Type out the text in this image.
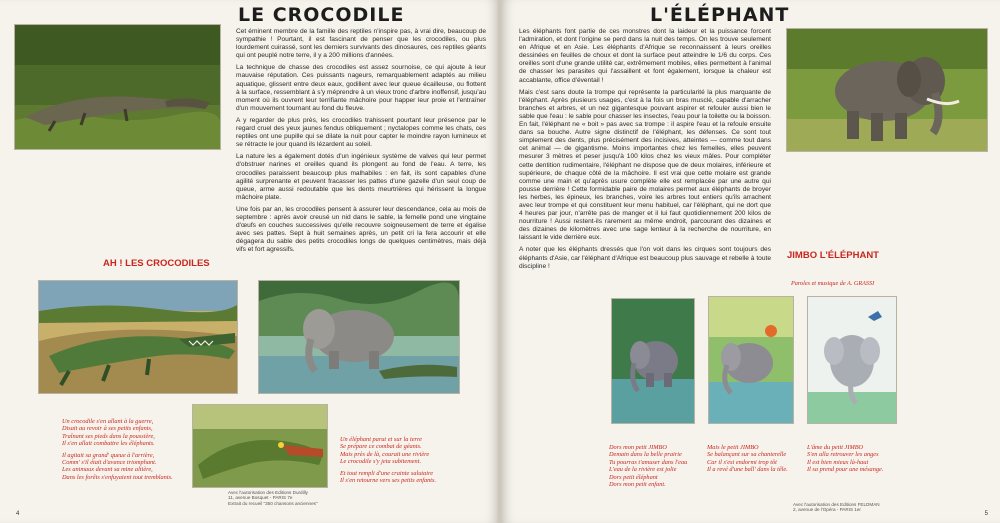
LE CROCODILE

Cet éminent membre de la famille des reptiles n'inspire pas, à vrai dire, beaucoup de sympathie ! Pourtant, il est fascinant de penser que les crocodiles, ou plus lourdement cuirassé, sont les derniers survivants des dinosaures, ces reptiles géants qui ont peuplé notre terre, il y a 200 millions d'années.

La technique de chasse des crocodiles est assez sournoise, ce qui ajoute à leur mauvaise réputation. Ces puissants nageurs, remarquablement adaptés au milieu aquatique, glissent entre deux eaux, godillent avec leur queue écailleuse, ou flottent à la surface, ressemblant à s'y méprendre à un vieux tronc d'arbre inoffensif, jusqu'au moment où ils ouvrent leur terrifiante mâchoire pour happer leur proie et l'entraîner d'un mouvement tournant au fond du fleuve.

A y regarder de plus près, les crocodiles trahissent pourtant leur présence par le regard cruel des yeux jaunes fendus obliquement ; nyctalopes comme les chats, ces reptiles ont une pupille qui se dilate la nuit pour capter le moindre rayon lumineux et se rétracte le jour quand ils lézardent au soleil.

La nature les a également dotés d'un ingénieux système de valves qui leur permet d'obstruer narines et oreilles quand ils plongent au fond de l'eau. A terre, les crocodiles paraissent beaucoup plus malhabiles : en fait, ils sont capables d'une agilité surprenante et peuvent fracasser les pattes d'une gazelle d'un seul coup de queue, arme aussi redoutable que les dents meurtrières qui hérissent la longue mâchoire plate.

Une fois par an, les crocodiles pensent à assurer leur descendance, cela au mois de septembre : après avoir creusé un nid dans le sable, la femelle pond une vingtaine d'œufs en couches successives qu'elle recouvre soigneusement de terre et égalise avec ses pattes. Sept à huit semaines après, un petit cri la fera accourir et elle dégagera du sable des petits crocodiles longs de quelques centimètres, mais déjà vifs et fort agressifs.

AH ! LES CROCODILES
Un crocodile s'en allant à la guerre,
Disait au revoir à ses petits enfants,
Traînant ses pieds dans la poussière,
Il s'en allait combattre les éléphants.
Il agitait sa grand' queue à l'arrière,
Comm' s'il était d'avance triomphant.
Les animaux devant sa mine altière,
Dans les forêts s'enfuyaient tout tremblants.
Un éléphant parut et sur la terre
Se prépare ce combat de géants.
Mais près de là, courait une rivière
Le crocodile s'y jeta subitement.
Et tout rempli d'une crainte salutaire
Il s'en retourne vers ses petits enfants.
Avec l'autorisation des Editions Durdilly
11, avenue Bosquet - PARIS 7e
Extrait du recueil "350 chansons anciennes"
4
L'ÉLÉPHANT

Les éléphants font partie de ces monstres dont la laideur et la puissance forcent l'admiration, et dont l'origine se perd dans la nuit des temps. On les trouve seulement en Afrique et en Asie. Les éléphants d'Afrique se reconnaissent à leurs oreilles dessinées en feuilles de choux et dont la surface peut atteindre le 1/6 du corps. Ces oreilles sont d'une grande utilité car, extrêmement mobiles, elles permettent à l'animal de chasser les parasites qui l'assaillent et font également, lorsque la chaleur est accablante, office d'éventail !

Mais c'est sans doute la trompe qui représente la particularité la plus marquante de l'éléphant. Après plusieurs usages, c'est à la fois un bras musclé, capable d'arracher branches et arbres, et un nez gigantesque pouvant aspirer et refouler aussi bien le sable que l'eau : le sable pour chasser les insectes, l'eau pour la toilette ou la boisson. En fait, l'éléphant ne « boit » pas avec sa trompe : il aspire l'eau et la refoule ensuite dans sa bouche. Autre signe distinctif de l'éléphant, les défenses. Ce sont tout simplement des dents, plus précisément des incisives, atteintes — comme tout dans cet animal — de gigantisme. Moins importantes chez les femelles, elles peuvent mesurer 3 mètres et peser jusqu'à 100 kilos chez les vieux mâles. Pour compléter cette dentition rudimentaire, l'éléphant ne dispose que de deux molaires, inférieure et supérieure, de chaque côté de la mâchoire. Il est vrai que cette molaire est grande comme une main et qu'après usure complète elle est remplacée par une autre qui pousse derrière ! Cette formidable paire de molaires permet aux éléphants de broyer les herbes, les épineux, les branches, voire les arbres tout entiers qu'ils arrachent avec leur trompe et qui constituent leur menu habituel, car l'éléphant, qui ne dort que 4 heures par jour, n'arrête pas de manger et il lui faut quotidiennement 200 kilos de nourriture ! Aussi restent-ils rarement au même endroit, parcourant des dizaines et des dizaines de kilomètres avec une sage lenteur à la recherche de nourriture, en laissant le vide derrière eux.

A noter que les éléphants dressés que l'on voit dans les cirques sont toujours des éléphants d'Asie, car l'éléphant d'Afrique est beaucoup plus sauvage et rebelle à toute discipline !

JIMBO L'ÉLÉPHANT
Paroles et musique de A. GRASSI
Dors mon petit JIMBO
Demain dans la belle prairie
Tu pourras t'amuser dans l'eau
L'eau de la rivière est jolie
Dors petit éléphant
Dors mon petit enfant.
Mais le petit JIMBO
Se balançant sur sa chanterelle
Car il s'est endormi trop tôt
Il a revé d'une ball' dans la têle.
L'âme du petit JIMBO
S'en alla retrouver les anges
Il est bien mieux là-haut
Il sa prend pour une mésange.
Avec l'autorisation des Editions FELDMAN
2, avenue de l'Opéra - PARIS 1er
5
